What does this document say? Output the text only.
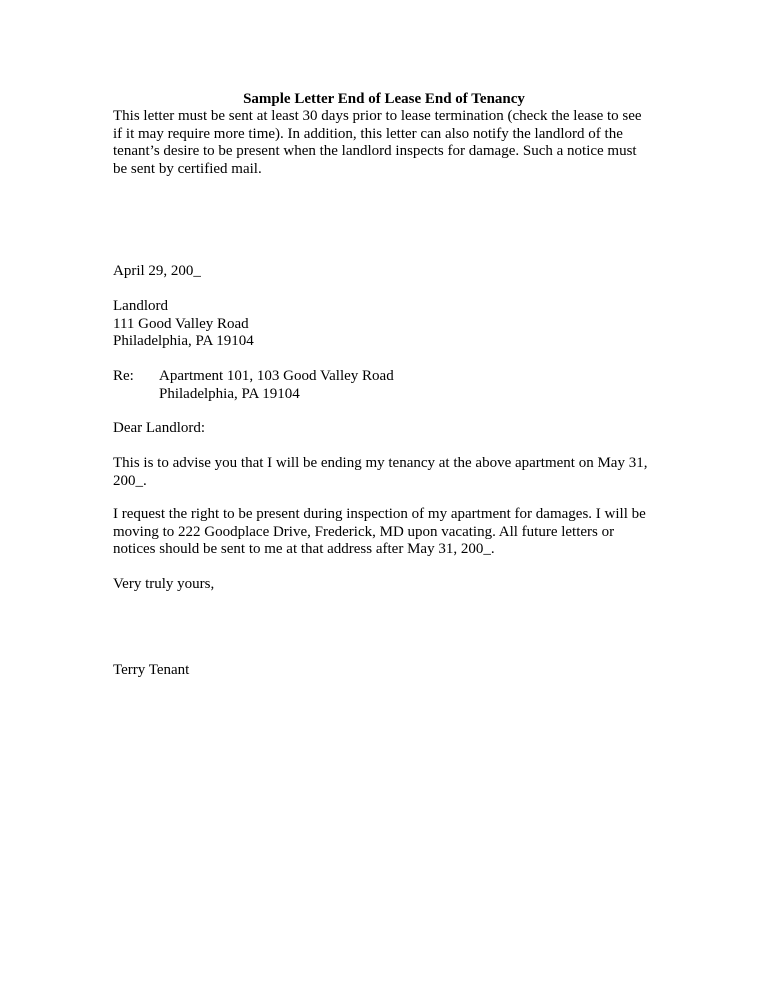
Sample Letter End of Lease End of Tenancy

This letter must be sent at least 30 days prior to lease termination (check the lease to see
if it may require more time). In addition, this letter can also notify the landlord of the
tenant’s desire to be present when the landlord inspects for damage. Such a notice must
be sent by certified mail.
April 29, 200_
Landlord
111 Good Valley Road
Philadelphia, PA 19104
Re: Apartment 101, 103 Good Valley Road
Philadelphia, PA 19104
Dear Landlord:
This is to advise you that I will be ending my tenancy at the above apartment on May 31,
200_.
I request the right to be present during inspection of my apartment for damages. I will be
moving to 222 Goodplace Drive, Frederick, MD upon vacating. All future letters or
notices should be sent to me at that address after May 31, 200_.
Very truly yours,
Terry Tenant
